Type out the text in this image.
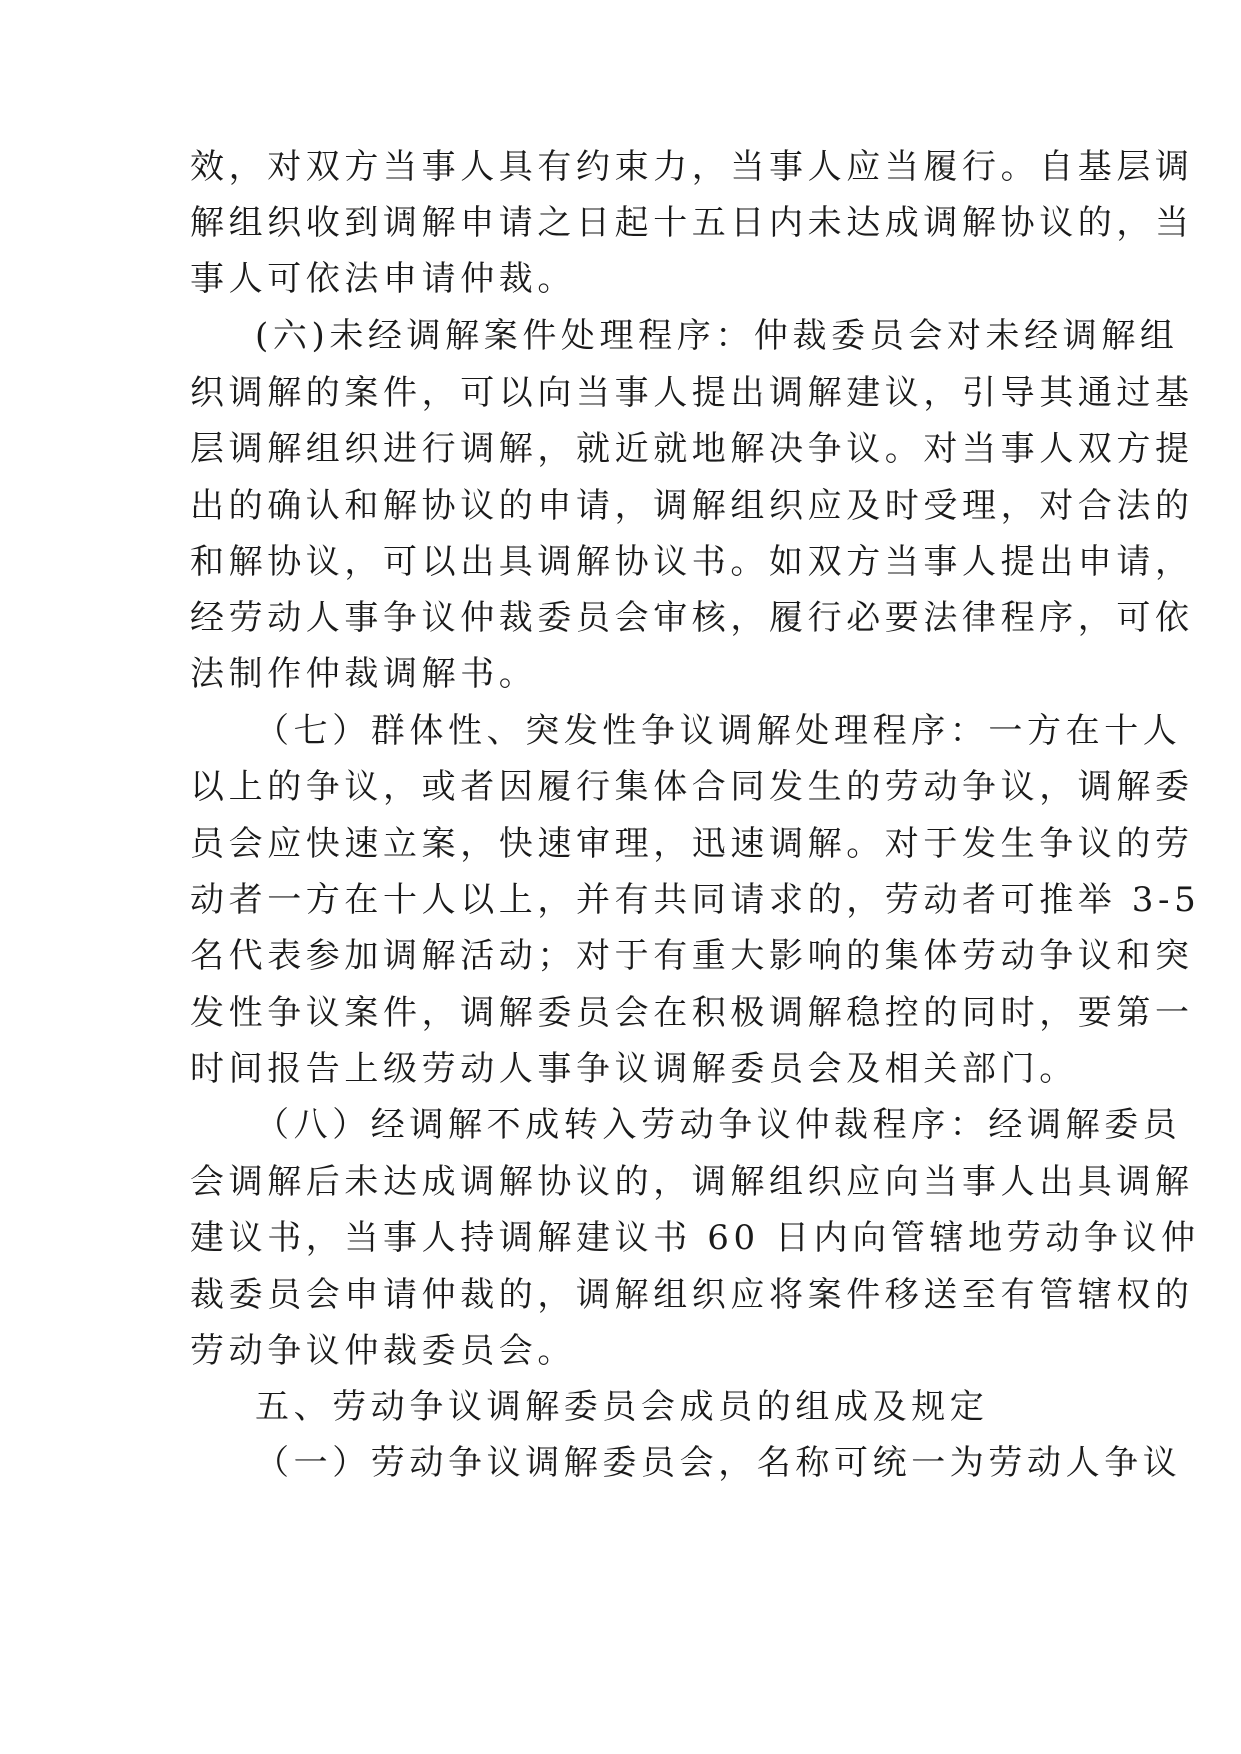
效，对双方当事人具有约束力，当事人应当履行。自基层调
解组织收到调解申请之日起十五日内未达成调解协议的，当
事人可依法申请仲裁。
(六)未经调解案件处理程序：仲裁委员会对未经调解组
织调解的案件，可以向当事人提出调解建议，引导其通过基
层调解组织进行调解，就近就地解决争议。对当事人双方提
出的确认和解协议的申请，调解组织应及时受理，对合法的
和解协议，可以出具调解协议书。如双方当事人提出申请，
经劳动人事争议仲裁委员会审核，履行必要法律程序，可依
法制作仲裁调解书。
（七）群体性、突发性争议调解处理程序：一方在十人
以上的争议，或者因履行集体合同发生的劳动争议，调解委
员会应快速立案，快速审理，迅速调解。对于发生争议的劳
动者一方在十人以上，并有共同请求的，劳动者可推举 3-5
名代表参加调解活动；对于有重大影响的集体劳动争议和突
发性争议案件，调解委员会在积极调解稳控的同时，要第一
时间报告上级劳动人事争议调解委员会及相关部门。
（八）经调解不成转入劳动争议仲裁程序：经调解委员
会调解后未达成调解协议的，调解组织应向当事人出具调解
建议书，当事人持调解建议书 60 日内向管辖地劳动争议仲
裁委员会申请仲裁的，调解组织应将案件移送至有管辖权的
劳动争议仲裁委员会。
五、劳动争议调解委员会成员的组成及规定
（一）劳动争议调解委员会，名称可统一为劳动人争议
